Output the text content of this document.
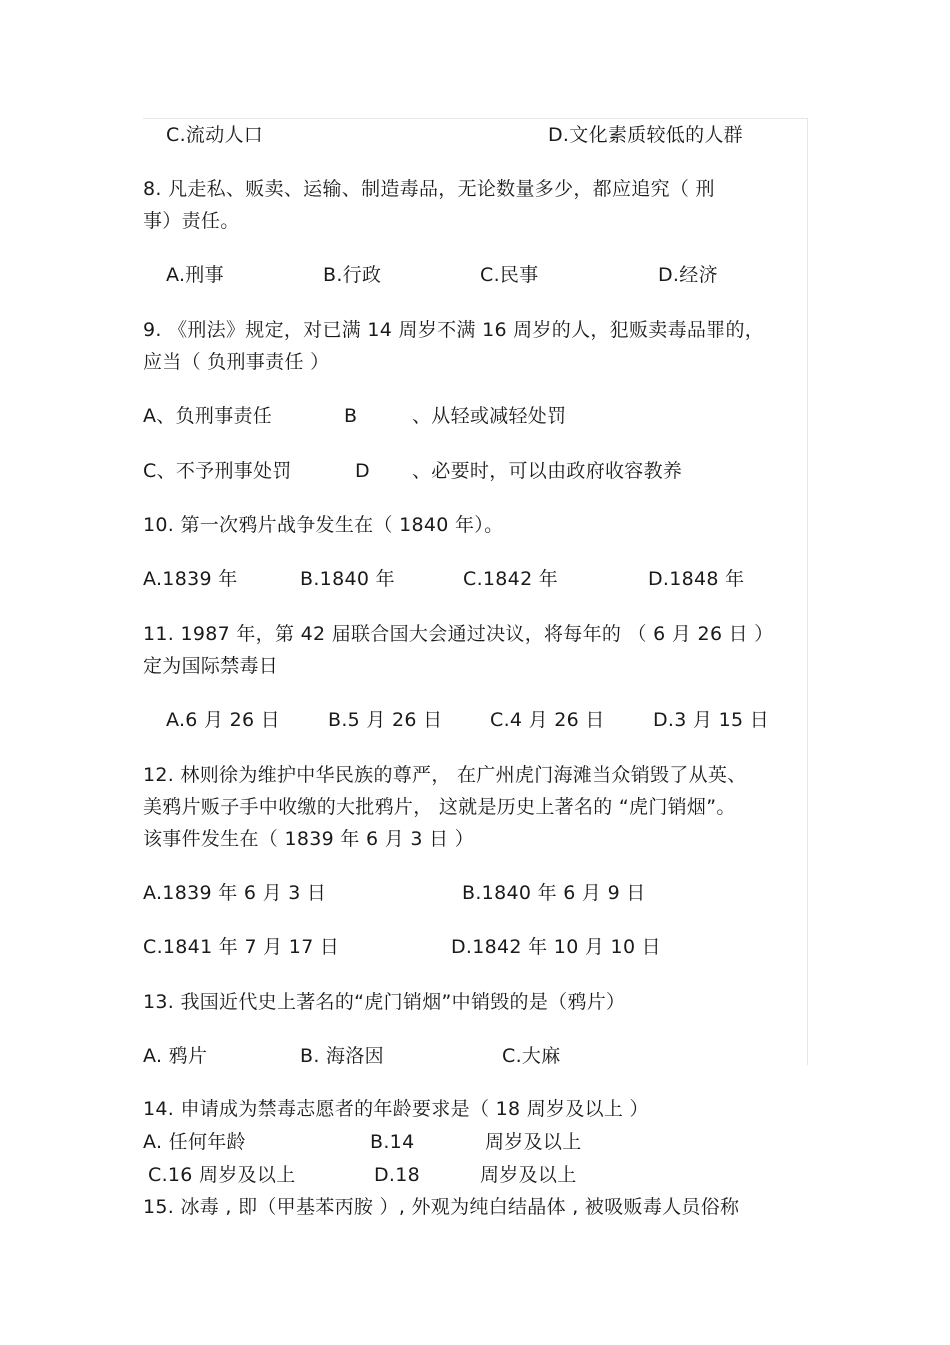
C.流动人口	D.文化素质较低的人群
8. 凡走私、贩卖、运输、制造毒品，无论数量多少，都应追究（ 刑
事）责任。
A.刑事	B.行政	C.民事	D.经济
9. 《刑法》规定，对已满 14 周岁不满 16 周岁的人，犯贩卖毒品罪的，
应当（ 负刑事责任 ）
A、负刑事责任	B	、从轻或减轻处罚
C、不予刑事处罚	D 、必要时，可以由政府收容教养
10. 第一次鸦片战争发生在（ 1840 年）。
A.1839 年	B.1840 年	C.1842 年	D.1848 年
11. 1987 年，第 42 届联合国大会通过决议，将每年的 （ 6 月 26 日 ）
定为国际禁毒日
A.6 月 26 日	B.5 月 26 日	C.4 月 26 日	D.3 月 15 日
12. 林则徐为维护中华民族的尊严， 在广州虎门海滩当众销毁了从英、
美鸦片贩子手中收缴的大批鸦片， 这就是历史上著名的 “虎门销烟”。
该事件发生在（ 1839 年 6 月 3 日 ）
A.1839 年 6 月 3 日	B.1840 年 6 月 9 日
C.1841 年 7 月 17 日	D.1842 年 10 月 10 日
13. 我国近代史上著名的“虎门销烟”中销毁的是（鸦片）
A. 鸦片	B. 海洛因	C.大麻
14. 申请成为禁毒志愿者的年龄要求是（ 18 周岁及以上 ）
A. 任何年龄	B.14	周岁及以上
C.16 周岁及以上	D.18	周岁及以上
15. 冰毒 , 即（甲基苯丙胺 ）, 外观为纯白结晶体 , 被吸贩毒人员俗称
